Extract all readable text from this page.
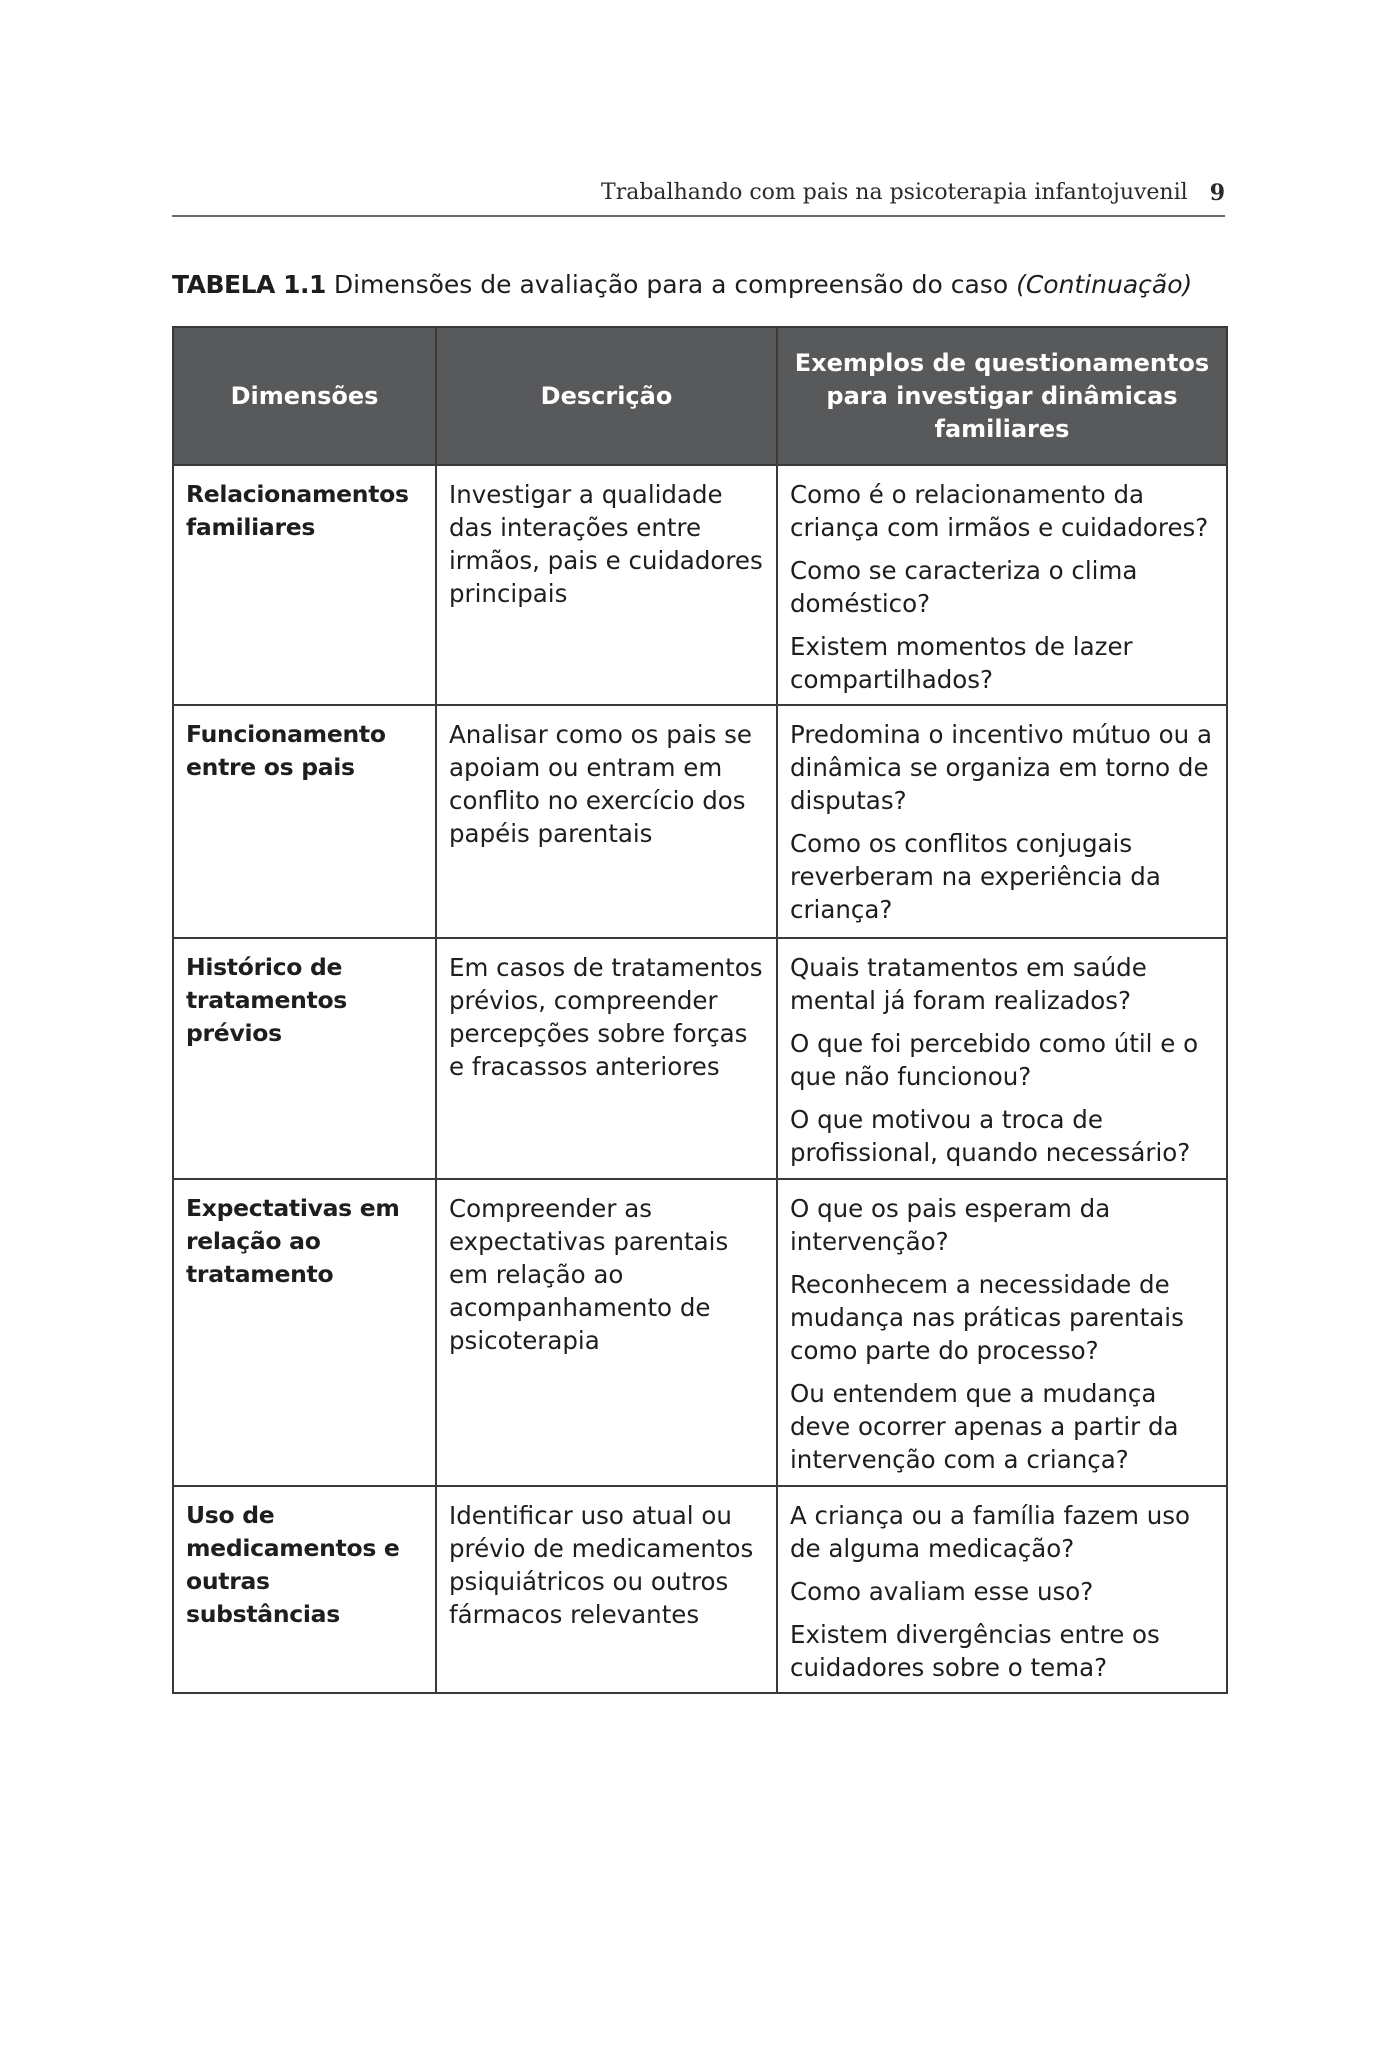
Trabalhando com pais na psicoterapia infantojuvenil 9
TABELA 1.1 Dimensões de avaliação para a compreensão do caso (Continuação)
Dimensões	Descrição	Exemplos de questionamentos para investigar dinâmicas familiares
Relacionamentos familiares	Investigar a qualidade das interações entre irmãos, pais e cuidadores principais	Como é o relacionamento da criança com irmãos e cuidadores?
Como se caracteriza o clima doméstico?
Existem momentos de lazer compartilhados?

Funcionamento entre os pais	Analisar como os pais se apoiam ou entram em conflito no exercício dos papéis parentais	Predomina o incentivo mútuo ou a dinâmica se organiza em torno de disputas?
Como os conflitos conjugais reverberam na experiência da criança?

Histórico de tratamentos prévios	Em casos de tratamentos prévios, compreender percepções sobre forças e fracassos anteriores	Quais tratamentos em saúde mental já foram realizados?
O que foi percebido como útil e o que não funcionou?
O que motivou a troca de profissional, quando necessário?

Expectativas em relação ao tratamento	Compreender as expectativas parentais em relação ao acompanhamento de psicoterapia	O que os pais esperam da intervenção?
Reconhecem a necessidade de mudança nas práticas parentais como parte do processo?
Ou entendem que a mudança deve ocorrer apenas a partir da intervenção com a criança?

Uso de medicamentos e outras substâncias	Identificar uso atual ou prévio de medicamentos psiquiátricos ou outros fármacos relevantes	A criança ou a família fazem uso de alguma medicação?
Como avaliam esse uso?
Existem divergências entre os cuidadores sobre o tema?
